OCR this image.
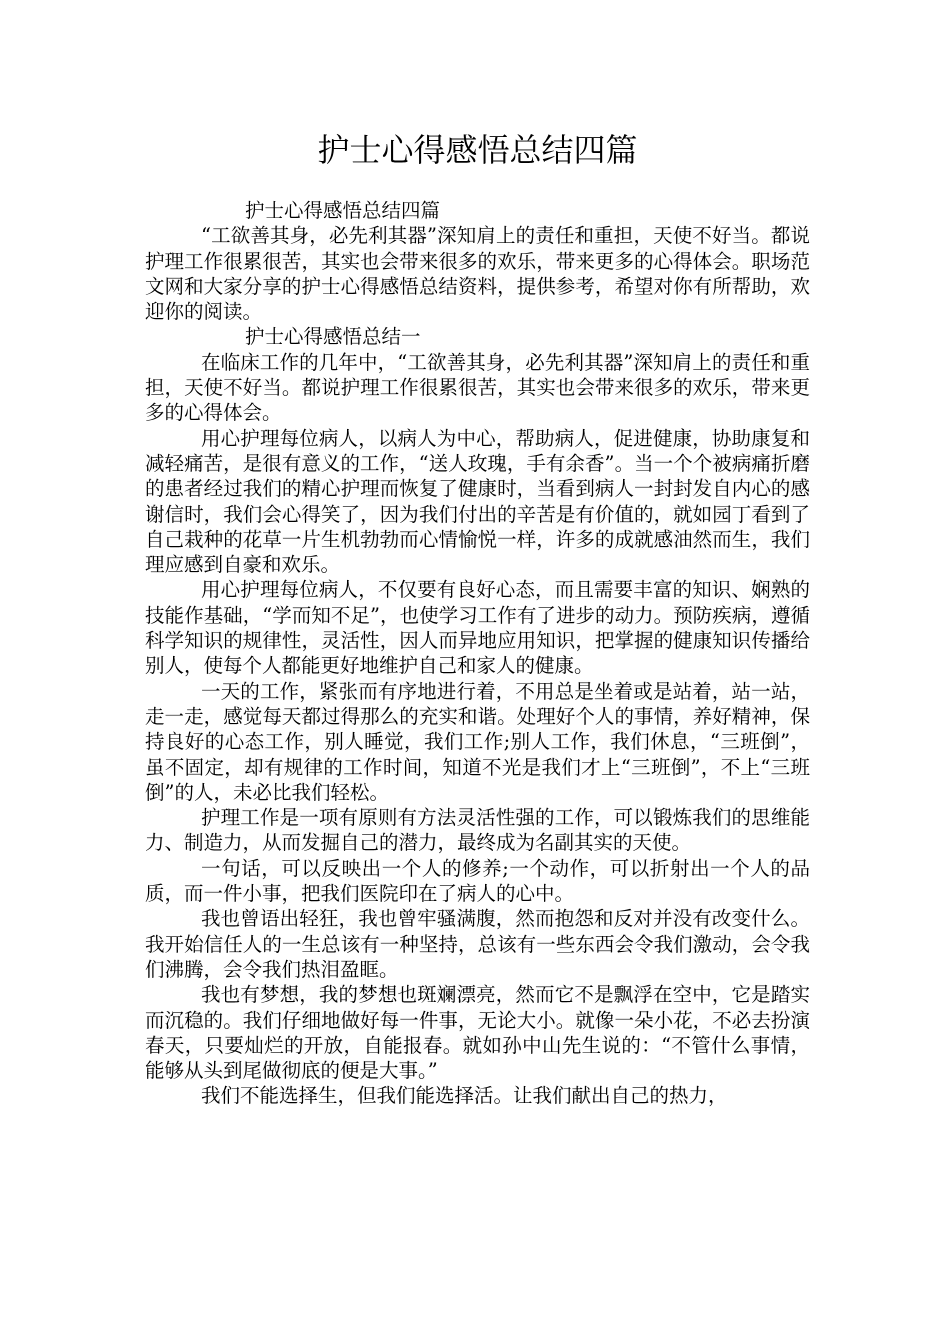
护士心得感悟总结四篇

护士心得感悟总结四篇

“工欲善其身，必先利其器”深知肩上的责任和重担，天使不好当。都说护理工作很累很苦，其实也会带来很多的欢乐，带来更多的心得体会。职场范文网和大家分享的护士心得感悟总结资料，提供参考，希望对你有所帮助，欢迎你的阅读。

护士心得感悟总结一

在临床工作的几年中，“工欲善其身，必先利其器”深知肩上的责任和重担，天使不好当。都说护理工作很累很苦，其实也会带来很多的欢乐，带来更多的心得体会。

用心护理每位病人，以病人为中心，帮助病人，促进健康，协助康复和减轻痛苦，是很有意义的工作，“送人玫瑰，手有余香”。当一个个被病痛折磨的患者经过我们的精心护理而恢复了健康时，当看到病人一封封发自内心的感谢信时，我们会心得笑了，因为我们付出的辛苦是有价值的，就如园丁看到了自己栽种的花草一片生机勃勃而心情愉悦一样，许多的成就感油然而生，我们理应感到自豪和欢乐。

用心护理每位病人，不仅要有良好心态，而且需要丰富的知识、娴熟的技能作基础，“学而知不足”，也使学习工作有了进步的动力。预防疾病，遵循科学知识的规律性，灵活性，因人而异地应用知识，把掌握的健康知识传播给别人，使每个人都能更好地维护自己和家人的健康。

一天的工作，紧张而有序地进行着，不用总是坐着或是站着，站一站，走一走，感觉每天都过得那么的充实和谐。处理好个人的事情，养好精神，保持良好的心态工作，别人睡觉，我们工作;别人工作，我们休息，“三班倒”，虽不固定，却有规律的工作时间，知道不光是我们才上“三班倒”，不上“三班倒”的人，未必比我们轻松。

护理工作是一项有原则有方法灵活性强的工作，可以锻炼我们的思维能力、制造力，从而发掘自己的潜力，最终成为名副其实的天使。

一句话，可以反映出一个人的修养;一个动作，可以折射出一个人的品质，而一件小事，把我们医院印在了病人的心中。

我也曾语出轻狂，我也曾牢骚满腹，然而抱怨和反对并没有改变什么。我开始信任人的一生总该有一种坚持，总该有一些东西会令我们激动，会令我们沸腾，会令我们热泪盈眶。

我也有梦想，我的梦想也斑斓漂亮，然而它不是飘浮在空中，它是踏实而沉稳的。我们仔细地做好每一件事，无论大小。就像一朵小花，不必去扮演春天，只要灿烂的开放，自能报春。就如孙中山先生说的：“不管什么事情，能够从头到尾做彻底的便是大事。”

我们不能选择生，但我们能选择活。让我们献出自己的热力，
